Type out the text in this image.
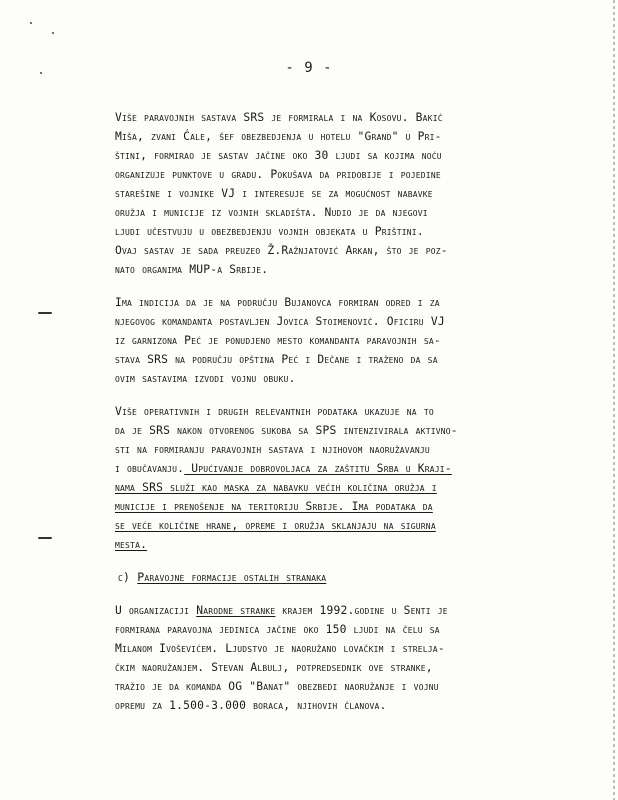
- 9 -
Više paravojnih sastava SRS je formirala i na Kosovu. Bakić
Miša, zvani Ćale, šef obezbedjenja u hotelu "Grand" u Pri-
štini, formirao je sastav jačine oko 30 ljudi sa kojima noću
organizuje punktove u gradu. Pokušava da pridobije i pojedine
starešine i vojnike VJ i interesuje se za mogućnost nabavke
oružja i municije iz vojnih skladišta. Nudio je da njegovi
ljudi učestvuju u obezbedjenju vojnih objekata u Prištini.
Ovaj sastav je sada preuzeo Ž.Ražnjatović Arkan, što je poz-
nato organima MUP-a Srbije.
Ima indicija da je na području Bujanovca formiran odred i za
njegovog komandanta postavljen Jovica Stoimenović. Oficiru VJ
iz garnizona Peć je ponudjeno mesto komandanta paravojnih sa-
stava SRS na području opština Peć i Dečane i traženo da sa
ovim sastavima izvodi vojnu obuku.
Više operativnih i drugih relevantnih podataka ukazuje na to
da je SRS nakon otvorenog sukoba sa SPS intenzivirala aktivno-
sti na formiranju paravojnih sastava i njihovom naoružavanju
i obučavanju. Upućivanje dobrovoljaca za zaštitu Srba u Kraji-
nama SRS služi kao maska za nabavku većih količina oružja i
municije i prenošenje na teritoriju Srbije. Ima podataka da
se veće količine hrane, opreme i oružja sklanjaju na sigurna
mesta.
c) Paravojne formacije ostalih stranaka
U organizaciji Narodne stranke krajem 1992.godine u Senti je
formirana paravojna jedinica jačine oko 150 ljudi na čelu sa
Milanom Ivoševićem. Ljudstvo je naoružano lovačkim i strelja-
čkim naoružanjem. Stevan Albulj, potpredsednik ove stranke,
tražio je da komanda OG "Banat" obezbedi naoružanje i vojnu
opremu za 1.500-3.000 boraca, njihovih članova.
